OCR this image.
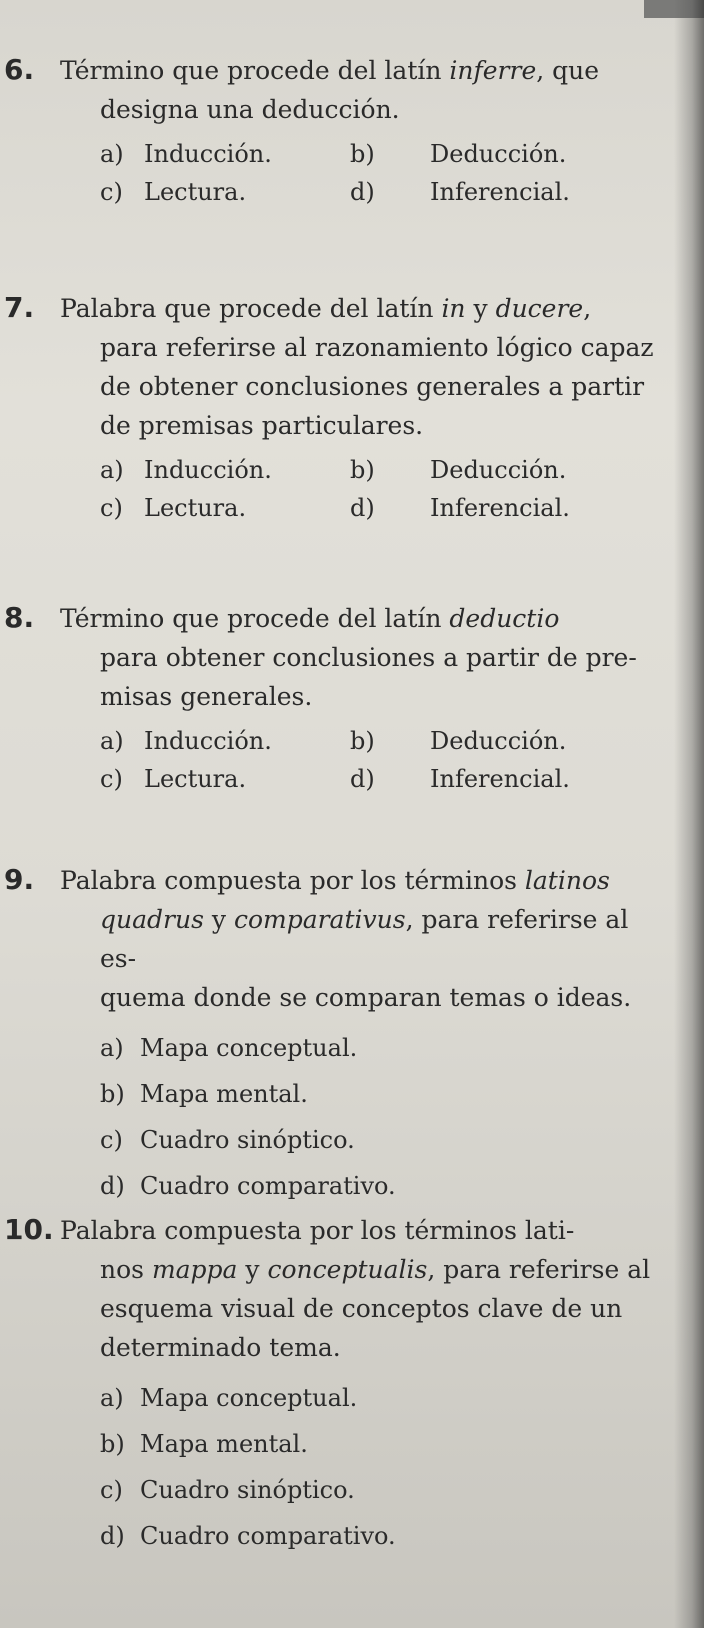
6. Término que procede del latín inferre, que
designa una deducción.

a) Inducción.	b)	Deducción.
c) Lectura.	d)	Inferencial.

7. Palabra que procede del latín in y ducere,
para referirse al razonamiento lógico capaz
de obtener conclusiones generales a partir
de premisas particulares.

a) Inducción.	b)	Deducción.
c) Lectura.	d)	Inferencial.

8. Término que procede del latín deductio
para obtener conclusiones a partir de pre-
misas generales.

a) Inducción.	b)	Deducción.
c) Lectura.	d)	Inferencial.

9. Palabra compuesta por los términos latinos
quadrus y comparativus, para referirse al es-
quema donde se comparan temas o ideas.

a) Mapa conceptual.
b) Mapa mental.
c) Cuadro sinóptico.
d) Cuadro comparativo.

10. Palabra compuesta por los términos lati-
nos mappa y conceptualis, para referirse al
esquema visual de conceptos clave de un
determinado tema.

a) Mapa conceptual.
b) Mapa mental.
c) Cuadro sinóptico.
d) Cuadro comparativo.
